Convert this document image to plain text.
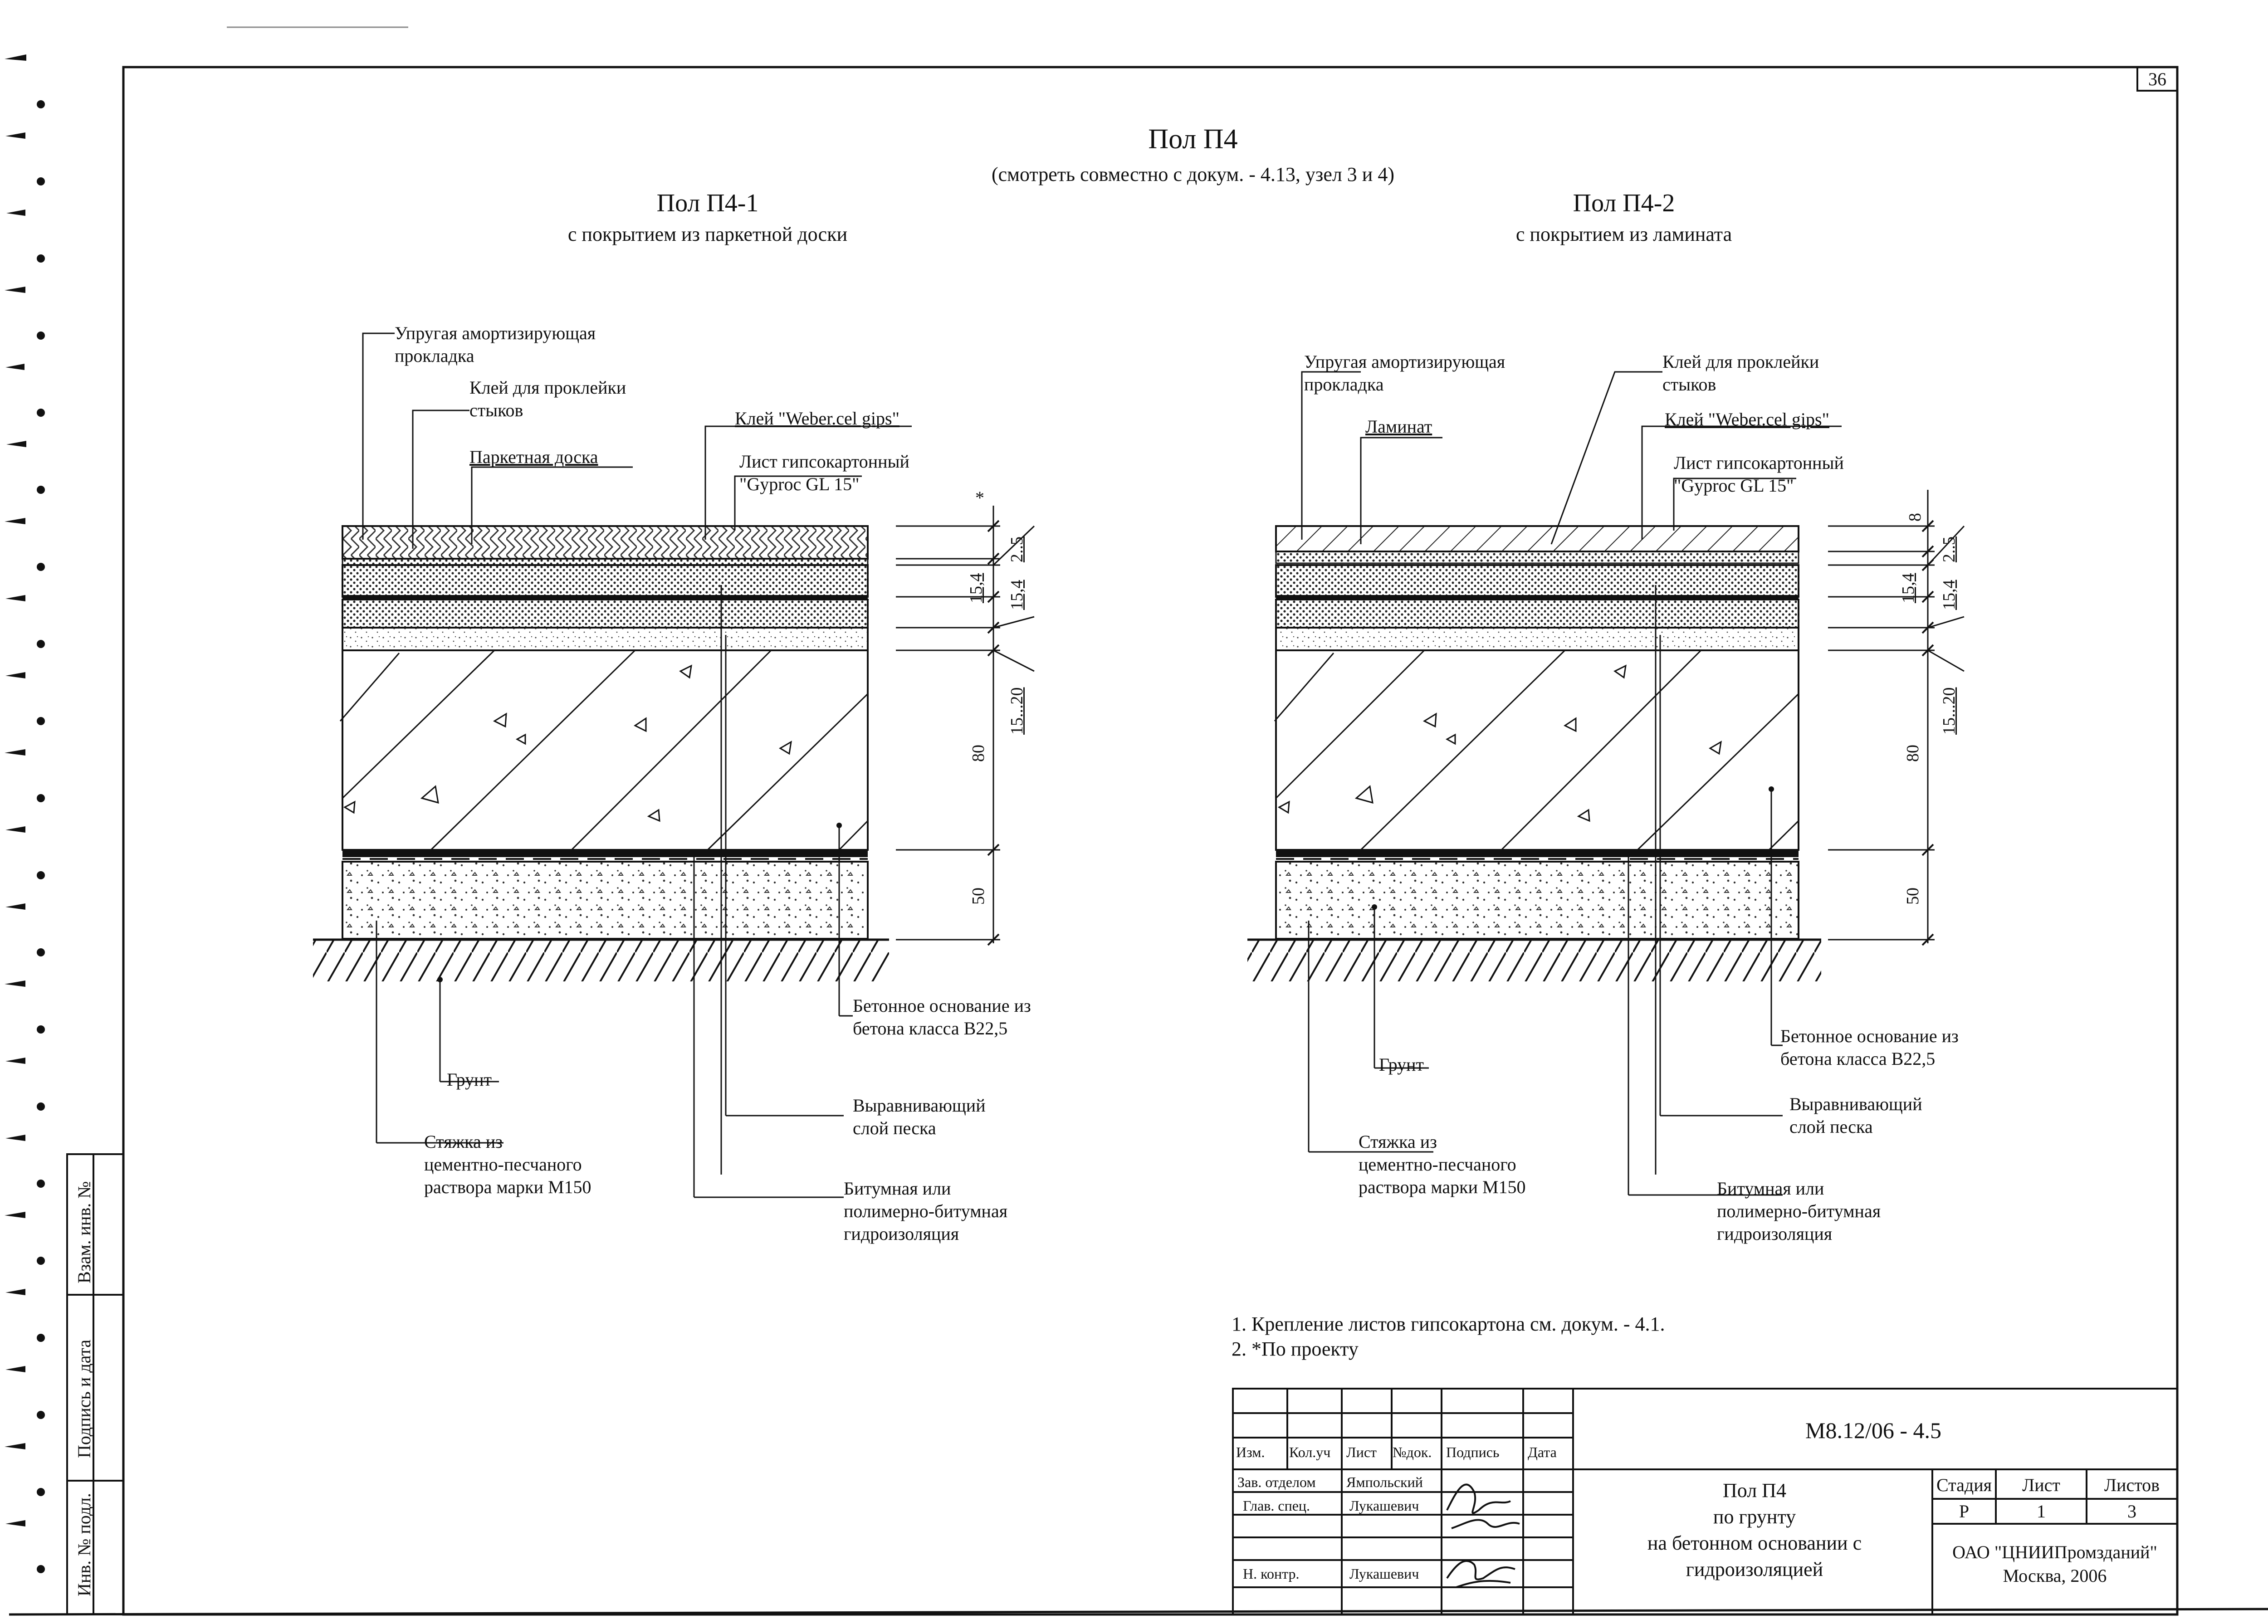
36
Пол П4
(смотреть совместно с докум. - 4.13, узел 3 и 4)
Пол П4-1
с покрытием из паркетной доски
Пол П4-2
с покрытием из ламината
Упругая амортизирующая
прокладка
Клей для проклейки
стыков
Паркетная доска
Клей "Weber.cel gips"
Лист гипсокартонный
"Gyproc GL 15"
Бетонное основание из
бетона класса В22,5
Грунт
Выравнивающий
слой песка
Стяжка из
цементно-песчаного
раствора марки М150	Битумная или
полимерно-битумная
гидроизоляция
*
2..5
15,4 15,4
15...20
80
50
Упругая амортизирующая
прокладка
Клей для проклейки
стыков
Ламинат	Клей "Weber.cel gips"
Лист гипсокартонный
"Gyproc GL 15"
Бетонное основание из
бетона класса В22,5
Грунт
Выравнивающий
слой песка
Стяжка из
цементно-песчаного
раствора марки М150	Битумная или
полимерно-битумная
гидроизоляция
8
2..5
15,4 15,4
15...20
80
50
1. Крепление листов гипсокартона см. докум. - 4.1.
2. *По проекту
Взам. инв. №
Подпись и дата
Инв. № подл.
М8.12/06 - 4.5
Изм. Кол.уч Лист №док. Подпись Дата
Зав. отделом Ямпольский
Глав. спец.	Лукашевич
Н. контр.	Лукашевич
Пол П4
по грунту
на бетонном основании с
гидроизоляцией
Стадия	Лист	Листов
Р	1	3
ОАО "ЦНИИПромзданий"
Москва, 2006
